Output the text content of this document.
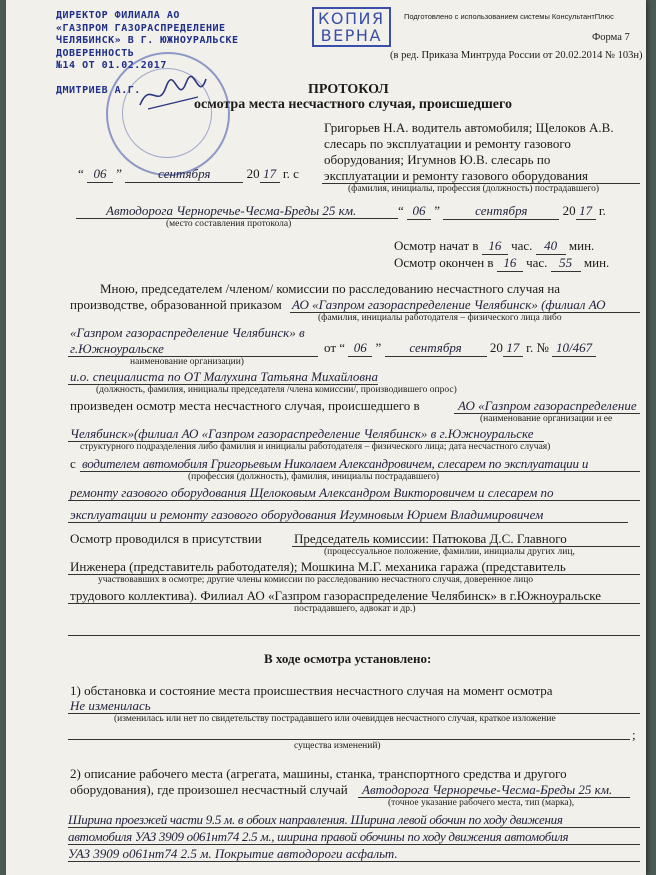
ДИРЕКТОР ФИЛИАЛА АО
«ГАЗПРОМ ГАЗОРАСПРЕДЕЛЕНИЕ
ЧЕЛЯБИНСК» В Г. ЮЖНОУРАЛЬСКЕ
ДОВЕРЕННОСТЬ
№14 ОТ 01.02.2017
ДМИТРИЕВ А.Г.
КОПИЯ
ВЕРНА
Подготовлено с использованием системы КонсультантПлюс
Форма 7
(в ред. Приказа Минтруда России от 20.02.2014 № 103н)
ПРОТОКОЛ
осмотра места несчастного случая, происшедшего
Григорьев Н.А. водитель автомобиля; Щелоков А.В.
слесарь по эксплуатации и ремонту газового
оборудования; Игумнов Ю.В. слесарь по
эксплуатации и ремонту газового оборудования
(фамилия, инициалы, профессия (должность) пострадавшего)
“ 06 ”	сентября	20 17 г. с
Автодорога Черноречье-Чесма-Бреды 25 км.	“ 06 ” сентября	20 17 г.
(место составления протокола)
Осмотр начат в 16 час. 40 мин.
Осмотр окончен в 16 час. 55 мин.
Мною, председателем /членом/ комиссии по расследованию несчастного случая на
производстве, образованной приказом АО «Газпром газораспределение Челябинск» (филиал АО
(фамилия, инициалы работодателя – физического лица либо
«Газпром газораспределение Челябинск» в
г.Южноуральске
наименование организации)
от “ 06 ” сентября 20 17 г. № 10/467
и.о. специалиста по ОТ Малухина Татьяна Михайловна
(должность, фамилия, инициалы председателя /члена комиссии/, производившего опрос)
произведен осмотр места несчастного случая, происшедшего в	АО «Газпром газораспределение
(наименование организации и ее
Челябинск»(филиал АО «Газпром газораспределение Челябинск» в г.Южноуральске
структурного подразделения либо фамилия и инициалы работодателя – физического лица; дата несчастного случая)
с водителем автомобиля Григорьевым Николаем Александровичем, слесарем по эксплуатации и
(профессия (должность), фамилия, инициалы пострадавшего)
ремонту газового оборудования Щелоковым Александром Викторовичем и слесарем по
эксплуатации и ремонту газового оборудования Игумновым Юрием Владимировичем
Осмотр проводился в присутствии Председатель комиссии: Патюкова Д.С. Главного
(процессуальное положение, фамилии, инициалы других лиц,
Инженера (представитель работодателя); Мошкина М.Г. механика гаража (представитель
участвовавших в осмотре; другие члены комиссии по расследованию несчастного случая, доверенное лицо
трудового коллектива). Филиал АО «Газпром газораспределение Челябинск» в г.Южноуральске
пострадавшего, адвокат и др.)
В ходе осмотра установлено:
1) обстановка и состояние места происшествия несчастного случая на момент осмотра
Не изменилась
(изменилась или нет по свидетельству пострадавшего или очевидцев несчастного случая, краткое изложение
;
существа изменений)
2) описание рабочего места (агрегата, машины, станка, транспортного средства и другого
оборудования), где произошел несчастный случай Автодорога Черноречье-Чесма-Бреды 25 км.
(точное указание рабочего места, тип (марка),
Ширина проезжей части 9.5 м. в обоих направления. Ширина левой обочин по ходу движения
автомобиля УАЗ 3909 о061нт74 2.5 м., ширина правой обочины по ходу движения автомобиля
УАЗ 3909 о061нт74 2.5 м. Покрытие автодороги асфальт.
